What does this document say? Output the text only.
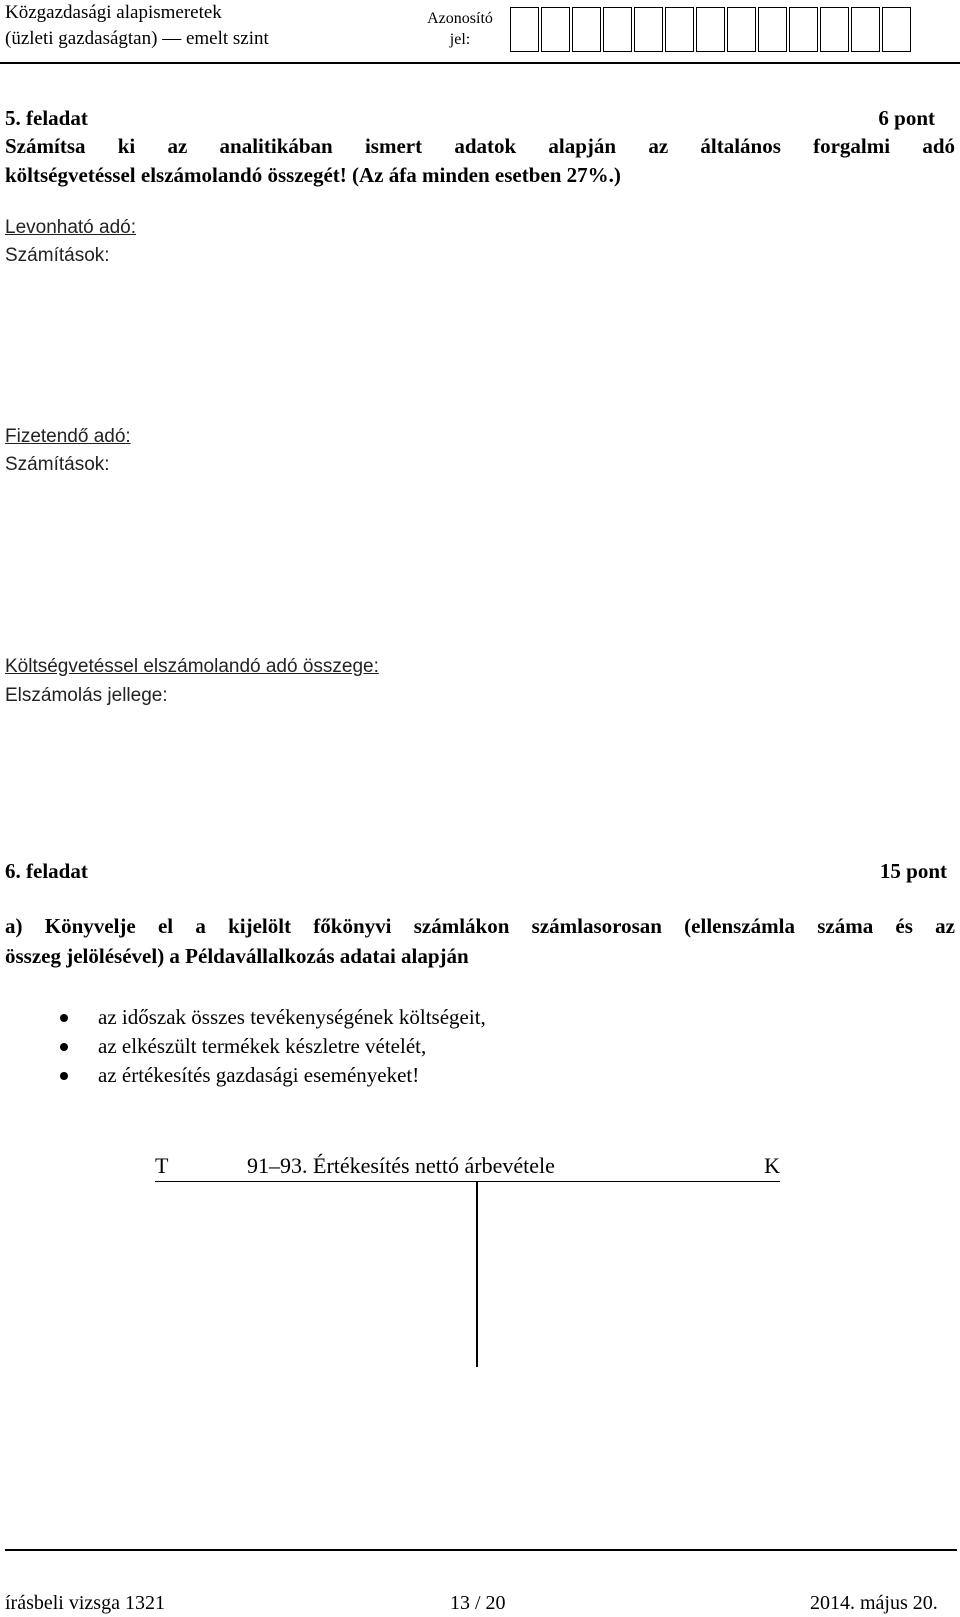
Közgazdasági alapismeretek
(üzleti gazdaságtan) — emelt szint
Azonosító
jel:
5. feladat	6 pont
Számítsa ki az analitikában ismert adatok alapján az általános forgalmi adó
költségvetéssel elszámolandó összegét! (Az áfa minden esetben 27%.)
Levonható adó:
Számítások:
Fizetendő adó:
Számítások:
Költségvetéssel elszámolandó adó összege:
Elszámolás jellege:
6. feladat	15 pont
a) Könyvelje el a kijelölt főkönyvi számlákon számlasorosan (ellenszámla száma és az
összeg jelölésével) a Példavállalkozás adatai alapján
az időszak összes tevékenységének költségeit,
az elkészült termékek készletre vételét,
az értékesítés gazdasági eseményeket!
T	91–93. Értékesítés nettó árbevétele	K
írásbeli vizsga 1321	13 / 20	2014. május 20.
